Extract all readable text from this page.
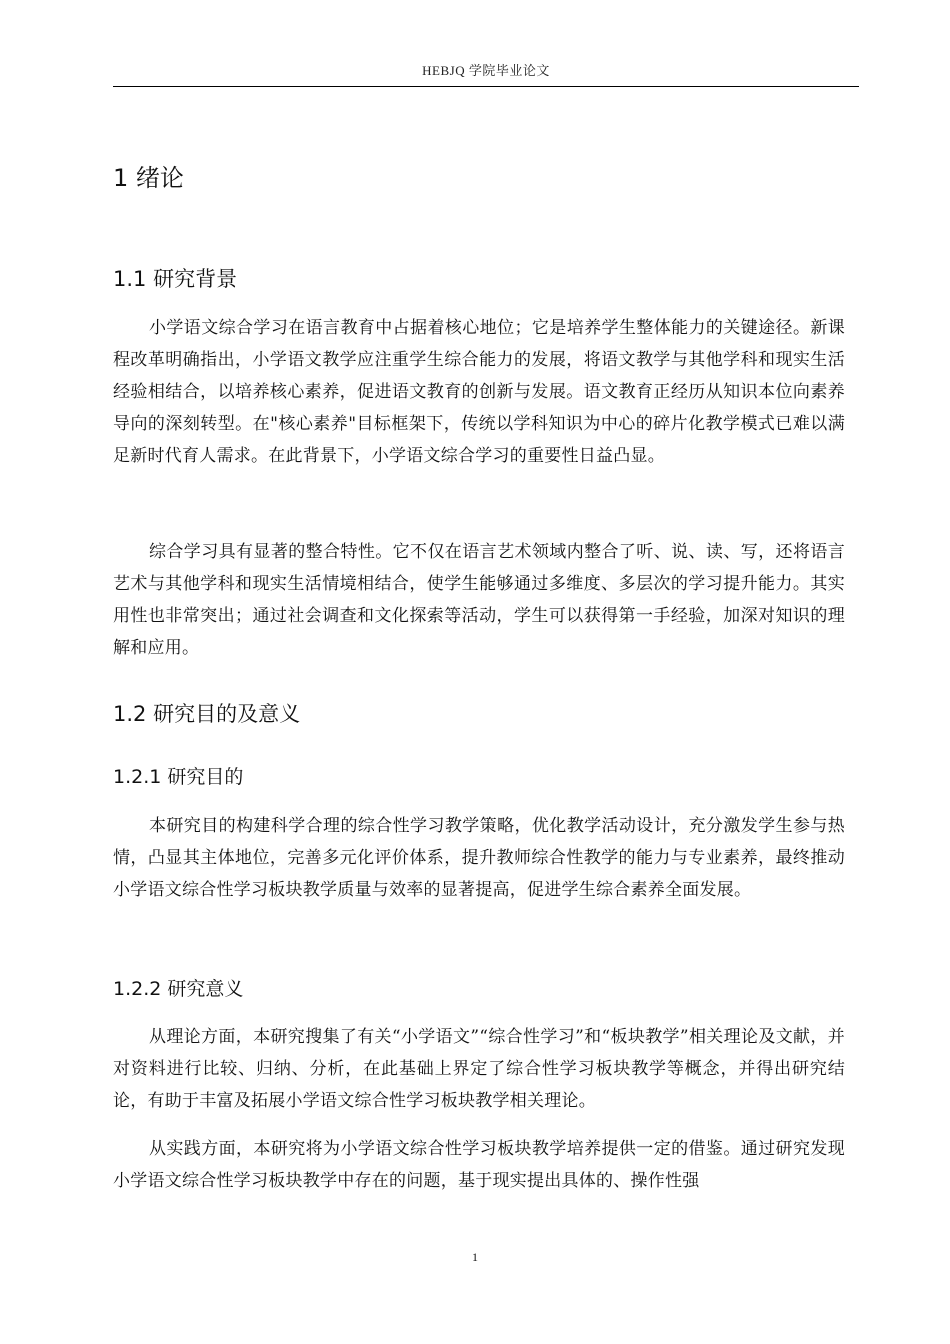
HEBJQ 学院毕业论文
1 绪论
1.1 研究背景
小学语文综合学习在语言教育中占据着核心地位；它是培养学生整体能力的关键途径。新课程改革明确指出，小学语文教学应注重学生综合能力的发展，将语文教学与其他学科和现实生活经验相结合，以培养核心素养，促进语文教育的创新与发展。语文教育正经历从知识本位向素养导向的深刻转型。在"核心素养"目标框架下，传统以学科知识为中心的碎片化教学模式已难以满足新时代育人需求。在此背景下，小学语文综合学习的重要性日益凸显。
综合学习具有显著的整合特性。它不仅在语言艺术领域内整合了听、说、读、写，还将语言艺术与其他学科和现实生活情境相结合，使学生能够通过多维度、多层次的学习提升能力。其实用性也非常突出；通过社会调查和文化探索等活动，学生可以获得第一手经验，加深对知识的理解和应用。
1.2 研究目的及意义
1.2.1 研究目的
本研究目的构建科学合理的综合性学习教学策略，优化教学活动设计，充分激发学生参与热情，凸显其主体地位，完善多元化评价体系，提升教师综合性教学的能力与专业素养，最终推动小学语文综合性学习板块教学质量与效率的显著提高，促进学生综合素养全面发展。
1.2.2 研究意义
从理论方面，本研究搜集了有关“小学语文”“综合性学习”和“板块教学”相关理论及文献，并对资料进行比较、归纳、分析，在此基础上界定了综合性学习板块教学等概念，并得出研究结论，有助于丰富及拓展小学语文综合性学习板块教学相关理论。
从实践方面，本研究将为小学语文综合性学习板块教学培养提供一定的借鉴。通过研究发现小学语文综合性学习板块教学中存在的问题，基于现实提出具体的、操作性强
1
